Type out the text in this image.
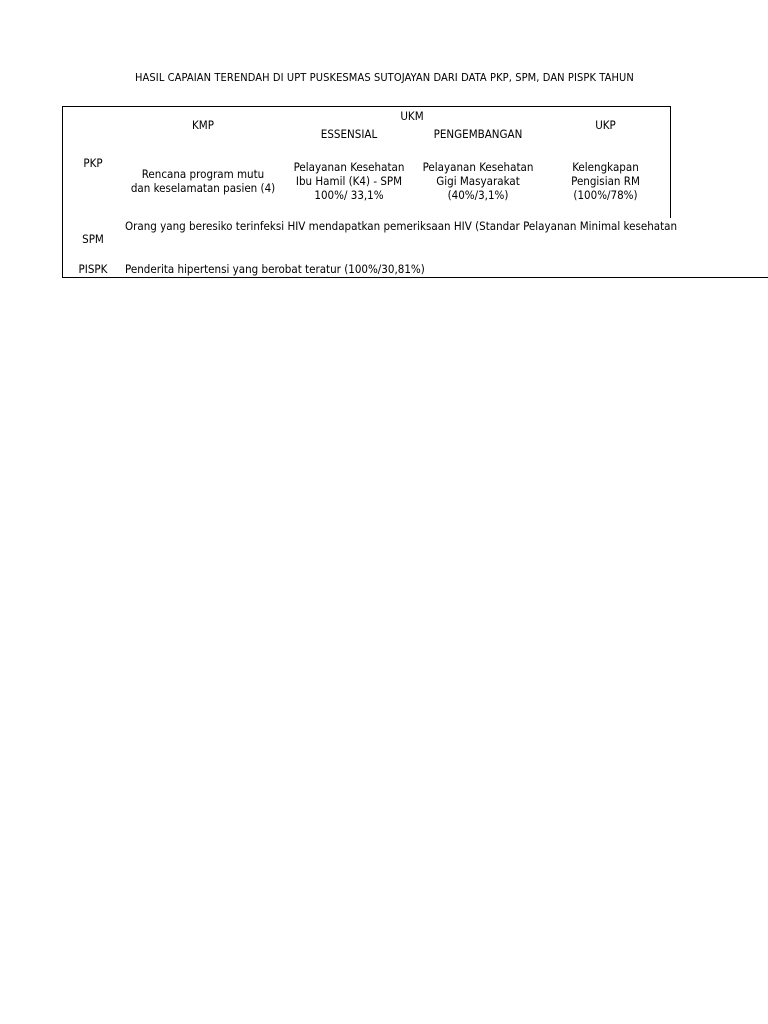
HASIL CAPAIAN TERENDAH DI UPT PUSKESMAS SUTOJAYAN DARI DATA PKP, SPM, DAN PISPK TAHUN
PKP
KMP
UKM
ESSENSIAL	PENGEMBANGAN
UKP
Rencana program mutu
dan keselamatan pasien (4)
Pelayanan Kesehatan
Ibu Hamil (K4) - SPM
100%/ 33,1%
Pelayanan Kesehatan
Gigi Masyarakat
(40%/3,1%)
Kelengkapan
Pengisian RM
(100%/78%)
SPM
Orang yang beresiko terinfeksi HIV mendapatkan pemeriksaan HIV (Standar Pelayanan Minimal kesehatan
PISPK	Penderita hipertensi yang berobat teratur (100%/30,81%)
